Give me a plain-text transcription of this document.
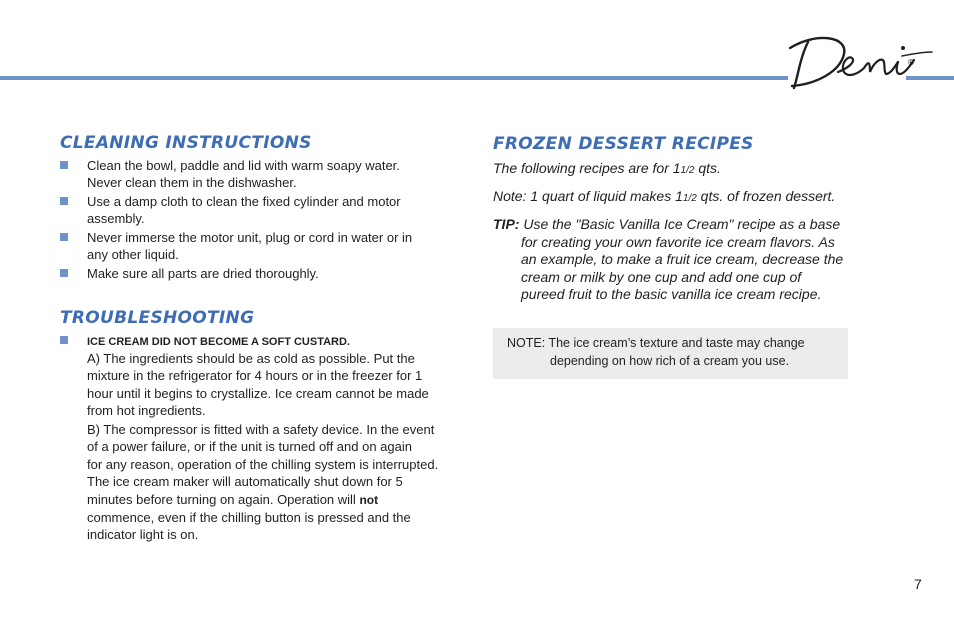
®
CLEANING INSTRUCTIONS
Clean the bowl, paddle and lid with warm soapy water.
Never clean them in the dishwasher.
Use a damp cloth to clean the fixed cylinder and motor
assembly.
Never immerse the motor unit, plug or cord in water or in
any other liquid.
Make sure all parts are dried thoroughly.
TROUBLESHOOTING
ICE CREAM DID NOT BECOME A SOFT CUSTARD.
A) The ingredients should be as cold as possible. Put the
mixture in the refrigerator for 4 hours or in the freezer for 1
hour until it begins to crystallize. Ice cream cannot be made
from hot ingredients.
B) The compressor is fitted with a safety device. In the event
of a power failure, or if the unit is turned off and on again
for any reason, operation of the chilling system is interrupted.
The ice cream maker will automatically shut down for 5
minutes before turning on again. Operation will not
commence, even if the chilling button is pressed and the
indicator light is on.
FROZEN DESSERT RECIPES

The following recipes are for 11/2 qts.

Note: 1 quart of liquid makes 11/2 qts. of frozen dessert.

TIP: Use the "Basic Vanilla Ice Cream" recipe as a base
for creating your own favorite ice cream flavors. As
an example, to make a fruit ice cream, decrease the
cream or milk by one cup and add one cup of
pureed fruit to the basic vanilla ice cream recipe.
NOTE: The ice cream’s texture and taste may change
depending on how rich of a cream you use.
7
